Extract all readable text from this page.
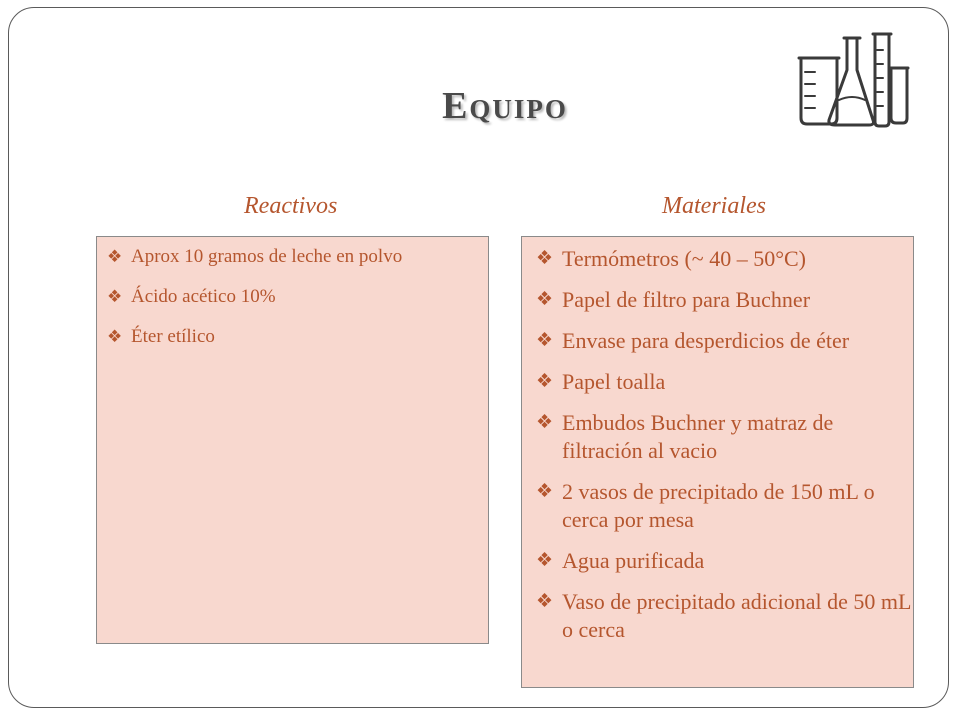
Equipo
Reactivos	Materiales
❖ Aprox 10 gramos de leche en polvo
❖ Ácido acético 10%
❖ Éter etílico
❖ Termómetros (~ 40 – 50°C)
❖ Papel de filtro para Buchner
❖ Envase para desperdicios de éter
❖ Papel toalla
❖ Embudos Buchner y matraz de filtración al vacio
❖ 2 vasos de precipitado de 150 mL o cerca por mesa
❖ Agua purificada
❖ Vaso de precipitado adicional de 50 mL o cerca
